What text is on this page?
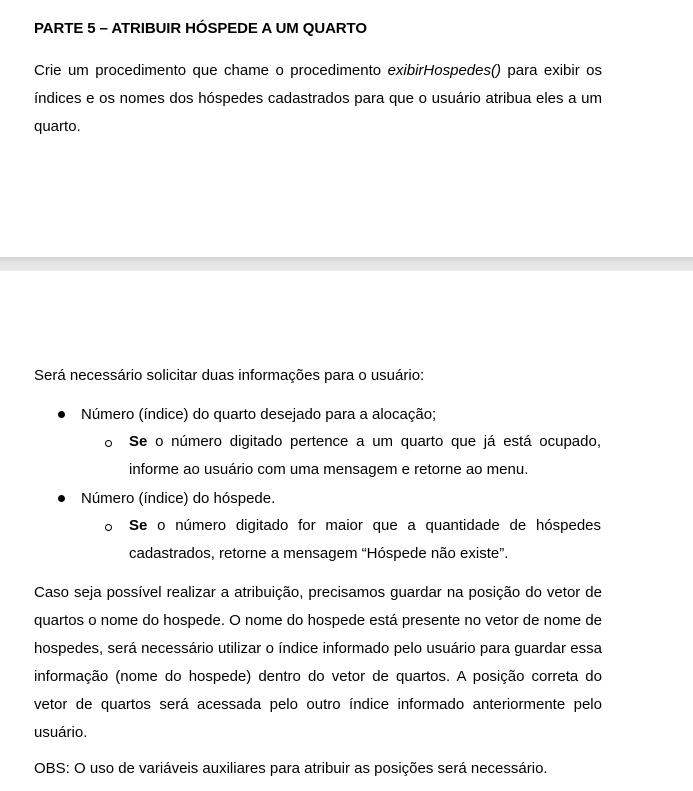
PARTE 5 – ATRIBUIR HÓSPEDE A UM QUARTO

Crie um procedimento que chame o procedimento exibirHospedes() para exibir os índices e os nomes dos hóspedes cadastrados para que o usuário atribua eles a um quarto.

Será necessário solicitar duas informações para o usuário:

Número (índice) do quarto desejado para a alocação;

Se o número digitado pertence a um quarto que já está ocupado, informe ao usuário com uma mensagem e retorne ao menu.

Número (índice) do hóspede.

Se o número digitado for maior que a quantidade de hóspedes cadastrados, retorne a mensagem “Hóspede não existe”.

Caso seja possível realizar a atribuição, precisamos guardar na posição do vetor de quartos o nome do hospede. O nome do hospede está presente no vetor de nome de hospedes, será necessário utilizar o índice informado pelo usuário para guardar essa informação (nome do hospede) dentro do vetor de quartos. A posição correta do vetor de quartos será acessada pelo outro índice informado anteriormente pelo usuário.

OBS: O uso de variáveis auxiliares para atribuir as posições será necessário.
